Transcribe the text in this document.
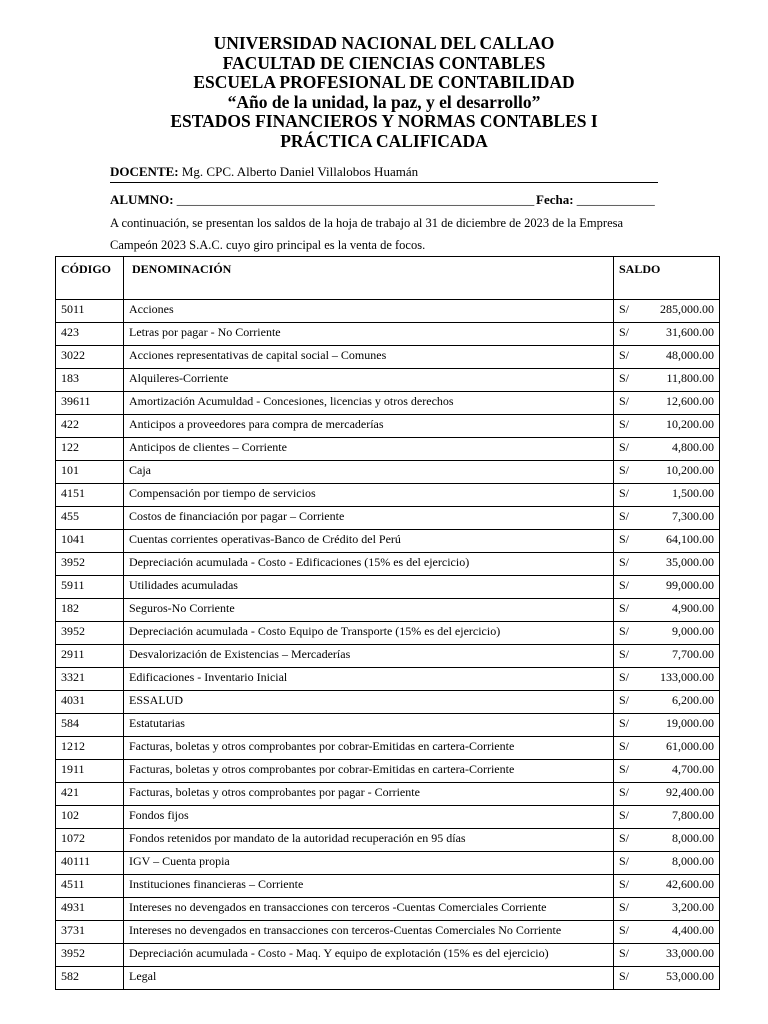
UNIVERSIDAD NACIONAL DEL CALLAO
FACULTAD DE CIENCIAS CONTABLES
ESCUELA PROFESIONAL DE CONTABILIDAD
“Año de la unidad, la paz, y el desarrollo”
ESTADOS FINANCIEROS Y NORMAS CONTABLES I
PRÁCTICA CALIFICADA
DOCENTE: Mg. CPC. Alberto Daniel Villalobos Huamán
ALUMNO: _______________________________________________________ Fecha: ____________
A continuación, se presentan los saldos de la hoja de trabajo al 31 de diciembre de 2023 de la Empresa Campeón 2023 S.A.C. cuyo giro principal es la venta de focos.
CÓDIGO	DENOMINACIÓN	SALDO
5011	Acciones	S/ 285,000.00

423	Letras por pagar - No Corriente	S/ 31,600.00

3022	Acciones representativas de capital social – Comunes	S/ 48,000.00

183	Alquileres-Corriente	S/ 11,800.00

39611	Amortización Acumuldad - Concesiones, licencias y otros derechos	S/ 12,600.00

422	Anticipos a proveedores para compra de mercaderías	S/ 10,200.00

122	Anticipos de clientes – Corriente	S/ 4,800.00

101	Caja	S/ 10,200.00

4151	Compensación por tiempo de servicios	S/ 1,500.00

455	Costos de financiación por pagar – Corriente	S/ 7,300.00

1041	Cuentas corrientes operativas-Banco de Crédito del Perú	S/ 64,100.00

3952	Depreciación acumulada - Costo - Edificaciones (15% es del ejercicio)	S/ 35,000.00

5911	Utilidades acumuladas	S/ 99,000.00

182	Seguros-No Corriente	S/ 4,900.00

3952	Depreciación acumulada - Costo Equipo de Transporte (15% es del ejercicio)	S/ 9,000.00

2911	Desvalorización de Existencias – Mercaderías	S/ 7,700.00

3321	Edificaciones - Inventario Inicial	S/ 133,000.00

4031	ESSALUD	S/ 6,200.00

584	Estatutarias	S/ 19,000.00

1212	Facturas, boletas y otros comprobantes por cobrar-Emitidas en cartera-Corriente	S/ 61,000.00

1911	Facturas, boletas y otros comprobantes por cobrar-Emitidas en cartera-Corriente	S/ 4,700.00

421	Facturas, boletas y otros comprobantes por pagar - Corriente	S/ 92,400.00

102	Fondos fijos	S/ 7,800.00

1072	Fondos retenidos por mandato de la autoridad recuperación en 95 días	S/ 8,000.00

40111	IGV – Cuenta propia	S/ 8,000.00

4511	Instituciones financieras – Corriente	S/ 42,600.00

4931	Intereses no devengados en transacciones con terceros -Cuentas Comerciales Corriente	S/ 3,200.00

3731	Intereses no devengados en transacciones con terceros-Cuentas Comerciales No Corriente	S/ 4,400.00

3952	Depreciación acumulada - Costo - Maq. Y equipo de explotación (15% es del ejercicio)	S/ 33,000.00

582	Legal	S/ 53,000.00
